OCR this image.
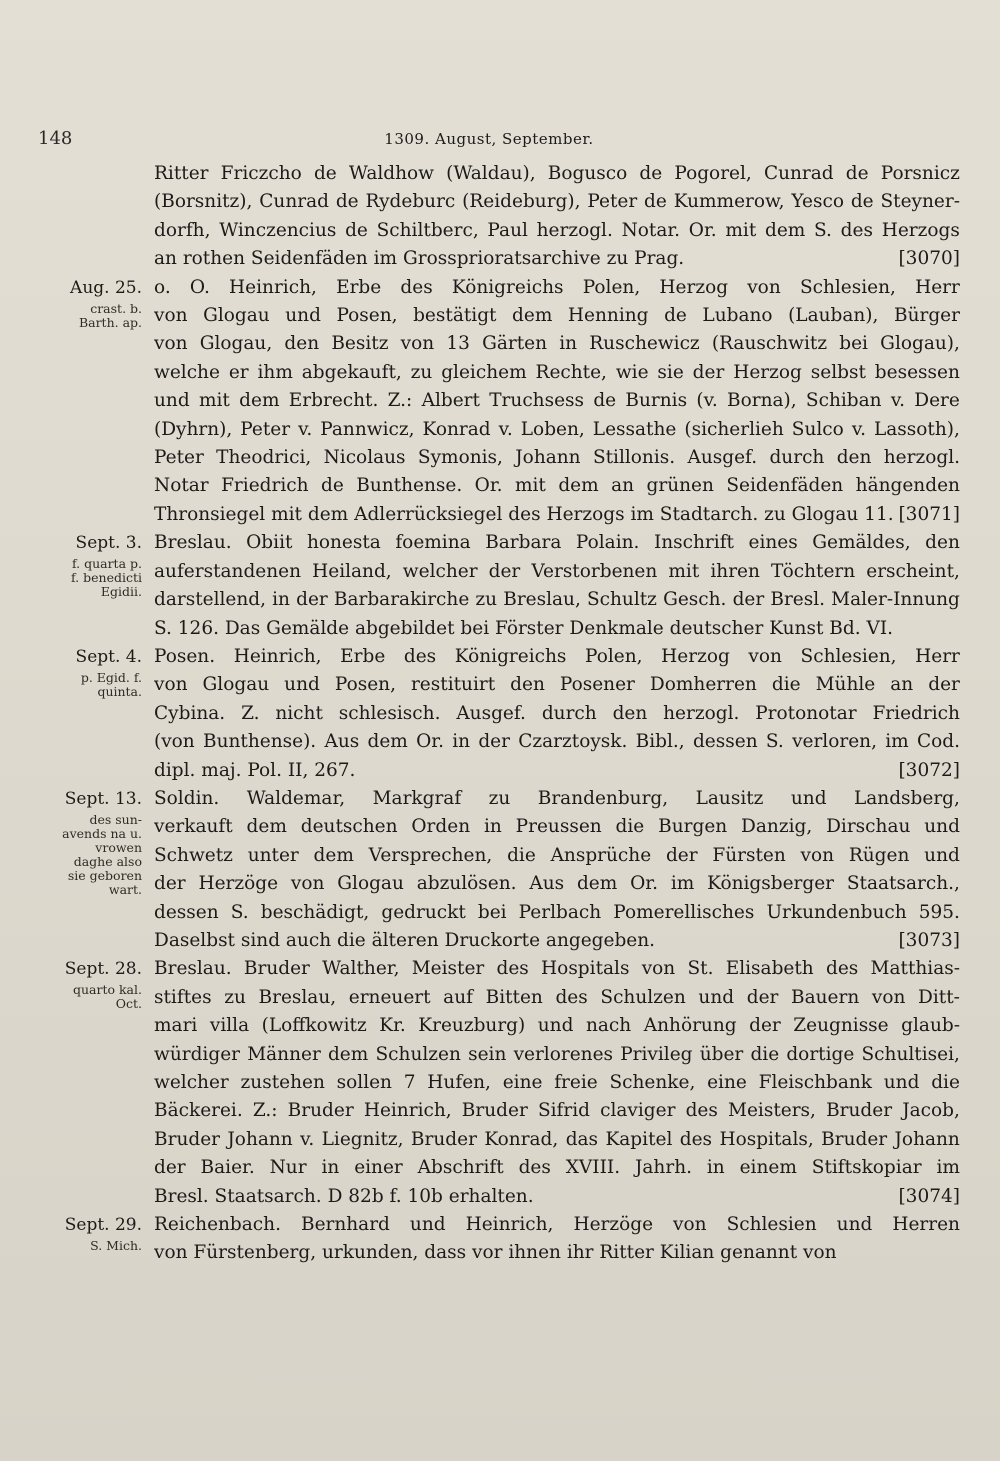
148	1309. August, September.
Ritter Friczcho de Waldhow (Waldau), Bogusco de Pogorel, Cunrad de Porsnicz
(Borsnitz), Cunrad de Rydeburc (Reideburg), Peter de Kummerow, Yesco de Steyner-
dorfh, Winczencius de Schiltberc, Paul herzogl. Notar. Or. mit dem S. des Herzogs
an rothen Seidenfäden im Grossprioratsarchive zu Prag.	[3070]
Aug. 25.
crast. b.
Barth. ap.
o. O. Heinrich, Erbe des Königreichs Polen, Herzog von Schlesien, Herr
von Glogau und Posen, bestätigt dem Henning de Lubano (Lauban), Bürger
von Glogau, den Besitz von 13 Gärten in Ruschewicz (Rauschwitz bei Glogau),
welche er ihm abgekauft, zu gleichem Rechte, wie sie der Herzog selbst besessen
und mit dem Erbrecht. Z.: Albert Truchsess de Burnis (v. Borna), Schiban v. Dere
(Dyhrn), Peter v. Pannwicz, Konrad v. Loben, Lessathe (sicherlieh Sulco v. Lassoth),
Peter Theodrici, Nicolaus Symonis, Johann Stillonis. Ausgef. durch den herzogl.
Notar Friedrich de Bunthense. Or. mit dem an grünen Seidenfäden hängenden
Thronsiegel mit dem Adlerrücksiegel des Herzogs im Stadtarch. zu Glogau 11. [3071]
Sept. 3.
f. quarta p.
f. benedicti
Egidii.
Breslau. Obiit honesta foemina Barbara Polain. Inschrift eines Gemäldes, den
auferstandenen Heiland, welcher der Verstorbenen mit ihren Töchtern erscheint,
darstellend, in der Barbarakirche zu Breslau, Schultz Gesch. der Bresl. Maler-Innung
S. 126. Das Gemälde abgebildet bei Förster Denkmale deutscher Kunst Bd. VI.
Sept. 4.
p. Egid. f.
quinta.
Posen. Heinrich, Erbe des Königreichs Polen, Herzog von Schlesien, Herr
von Glogau und Posen, restituirt den Posener Domherren die Mühle an der
Cybina. Z. nicht schlesisch. Ausgef. durch den herzogl. Protonotar Friedrich
(von Bunthense). Aus dem Or. in der Czarztoysk. Bibl., dessen S. verloren, im Cod.
dipl. maj. Pol. II, 267.	[3072]
Sept. 13.
des sun-
avends na u.
vrowen
daghe also
sie geboren
wart.
Soldin. Waldemar, Markgraf zu Brandenburg, Lausitz und Landsberg,
verkauft dem deutschen Orden in Preussen die Burgen Danzig, Dirschau und
Schwetz unter dem Versprechen, die Ansprüche der Fürsten von Rügen und
der Herzöge von Glogau abzulösen. Aus dem Or. im Königsberger Staatsarch.,
dessen S. beschädigt, gedruckt bei Perlbach Pomerellisches Urkundenbuch 595.
Daselbst sind auch die älteren Druckorte angegeben.	[3073]
Sept. 28.
quarto kal.
Oct.
Breslau. Bruder Walther, Meister des Hospitals von St. Elisabeth des Matthias-
stiftes zu Breslau, erneuert auf Bitten des Schulzen und der Bauern von Ditt-
mari villa (Loffkowitz Kr. Kreuzburg) und nach Anhörung der Zeugnisse glaub-
würdiger Männer dem Schulzen sein verlorenes Privileg über die dortige Schultisei,
welcher zustehen sollen 7 Hufen, eine freie Schenke, eine Fleischbank und die
Bäckerei. Z.: Bruder Heinrich, Bruder Sifrid claviger des Meisters, Bruder Jacob,
Bruder Johann v. Liegnitz, Bruder Konrad, das Kapitel des Hospitals, Bruder Johann
der Baier. Nur in einer Abschrift des XVIII. Jahrh. in einem Stiftskopiar im
Bresl. Staatsarch. D 82b f. 10b erhalten.	[3074]
Sept. 29.
S. Mich.
Reichenbach. Bernhard und Heinrich, Herzöge von Schlesien und Herren
von Fürstenberg, urkunden, dass vor ihnen ihr Ritter Kilian genannt von
